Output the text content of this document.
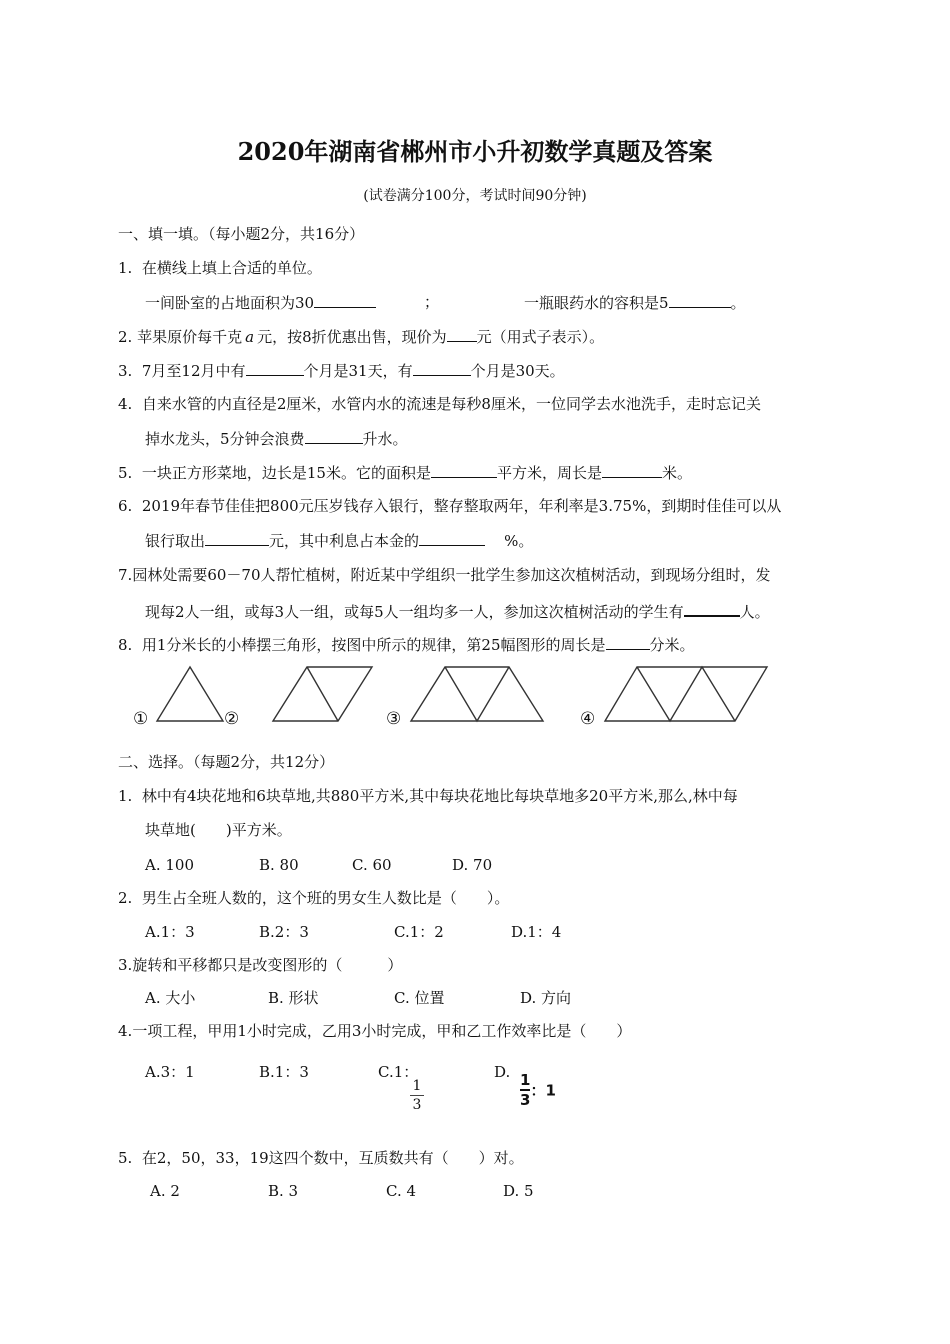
2020年湖南省郴州市小升初数学真题及答案
(试卷满分100分，考试时间90分钟)
一、填一填。（每小题2分，共16分）
1. 在横线上填上合适的单位。
一间卧室的占地面积为30	；	一瓶眼药水的容积是5	。
2. 苹果原价每千克 a 元，按8折优惠出售，现价为 元（用式子表示）。
3. 7月至12月中有	个月是31天，有	个月是30天。
4. 自来水管的内直径是2厘米，水管内水的流速是每秒8厘米，一位同学去水池洗手，走时忘记关
掉水龙头，5分钟会浪费	升水。
5. 一块正方形菜地，边长是15米。它的面积是	平方米，周长是	米。
6. 2019年春节佳佳把800元压岁钱存入银行，整存整取两年，年利率是3.75%，到期时佳佳可以从
银行取出	元，其中利息占本金的	%。
7.园林处需要60－70人帮忙植树，附近某中学组织一批学生参加这次植树活动，到现场分组时，发
现每2人一组，或每3人一组，或每5人一组均多一人，参加这次植树活动的学生有	人。
8. 用1分米长的小棒摆三角形，按图中所示的规律，第25幅图形的周长是	分米。
①	②	③	④
二、选择。（每题2分，共12分）
1. 林中有4块花地和6块草地,共880平方米,其中每块花地比每块草地多20平方米,那么,林中每
块草地(　　)平方米。
A. 100	B. 80	C. 60	D. 70
2. 男生占全班人数的，这个班的男女生人数比是（　　）。
A.1：3	B.2：3	C.1：2	D.1：4
3.旋转和平移都只是改变图形的（　　　）
A. 大小	B. 形状	C. 位置	D. 方向
4.一项工程，甲用1小时完成，乙用3小时完成，甲和乙工作效率比是（　　）
A.3：1	B.1：3	C.1：
1
3
D. $\frac{1}{3}$ ：1
5. 在2，50，33，19这四个数中，互质数共有（　　）对。
A. 2	B. 3	C. 4	D. 5
